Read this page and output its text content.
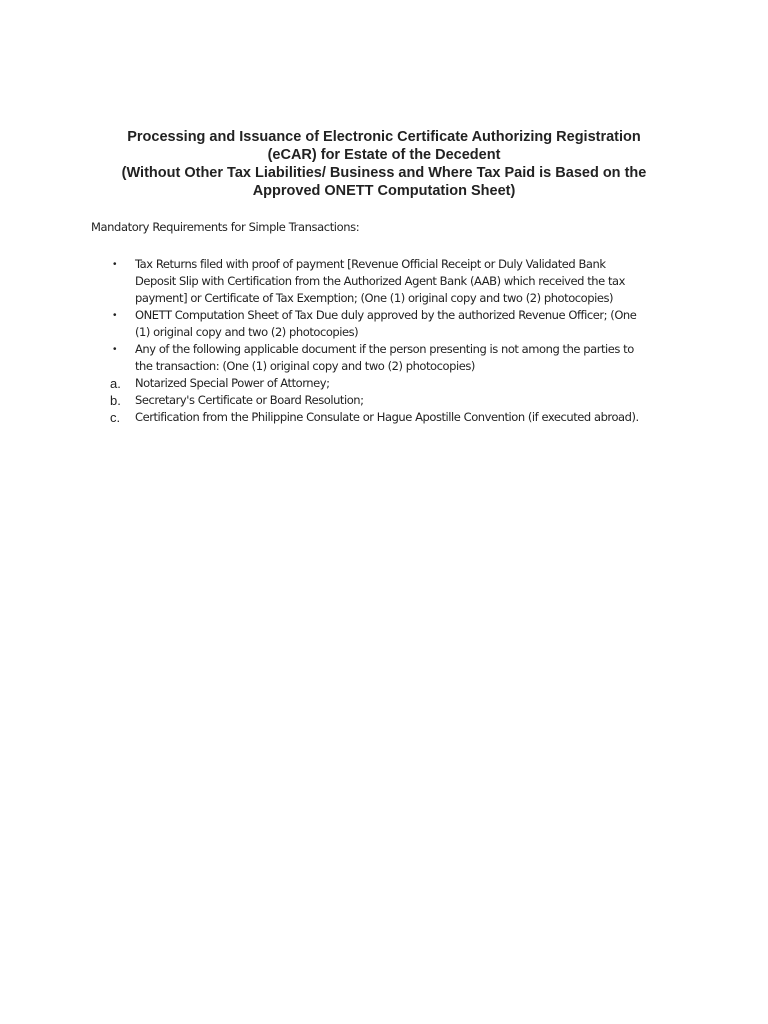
Processing and Issuance of Electronic Certificate Authorizing Registration
(eCAR) for Estate of the Decedent
(Without Other Tax Liabilities/ Business and Where Tax Paid is Based on the
Approved ONETT Computation Sheet)
Mandatory Requirements for Simple Transactions:
•	Tax Returns filed with proof of payment [Revenue Official Receipt or Duly Validated Bank
Deposit Slip with Certification from the Authorized Agent Bank (AAB) which received the tax
payment] or Certificate of Tax Exemption; (One (1) original copy and two (2) photocopies)
•	ONETT Computation Sheet of Tax Due duly approved by the authorized Revenue Officer; (One
(1) original copy and two (2) photocopies)
•	Any of the following applicable document if the person presenting is not among the parties to
the transaction: (One (1) original copy and two (2) photocopies)
a.	Notarized Special Power of Attorney;
b.	Secretary's Certificate or Board Resolution;
c.	Certification from the Philippine Consulate or Hague Apostille Convention (if executed abroad).
